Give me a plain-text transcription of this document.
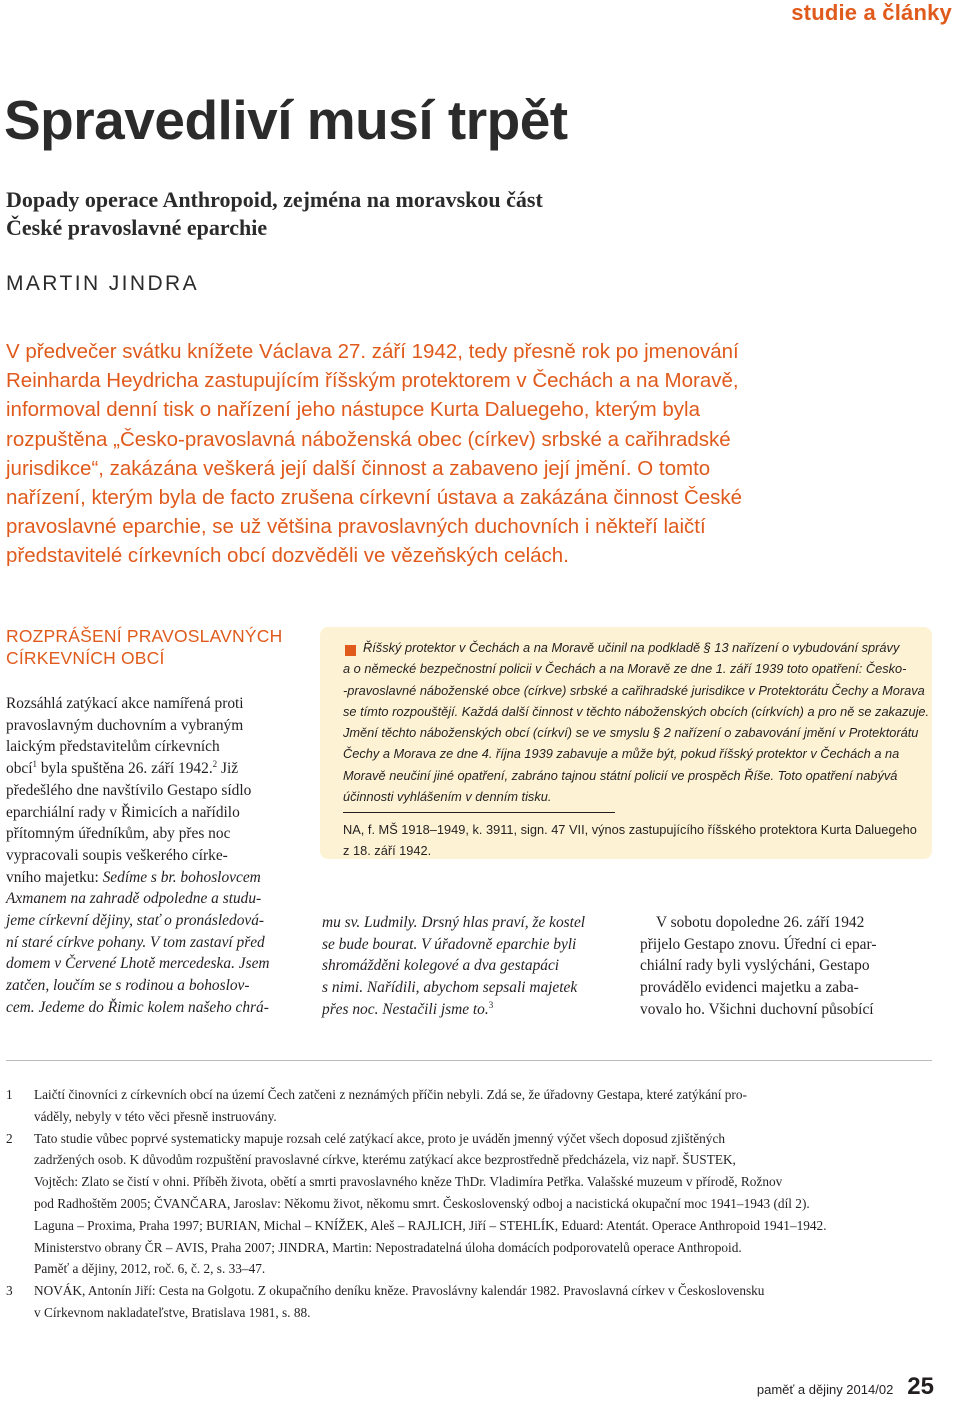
studie a články
Spravedliví musí trpět
Dopady operace Anthropoid, zejména na moravskou část
České pravoslavné eparchie
MARTIN JINDRA
V předvečer svátku knížete Václava 27. září 1942, tedy přesně rok po jmenování
Reinharda Heydricha zastupujícím říšským protektorem v Čechách a na Moravě,
informoval denní tisk o nařízení jeho nástupce Kurta Daluegeho, kterým byla
rozpuštěna „Česko-pravoslavná náboženská obec (církev) srbské a cařihradské
jurisdikce“, zakázána veškerá její další činnost a zabaveno její jmění. O tomto
nařízení, kterým byla de facto zrušena církevní ústava a zakázána činnost České
pravoslavné eparchie, se už většina pravoslavných duchovních i někteří laičtí
představitelé církevních obcí dozvěděli ve vězeňských celách.
ROZPRÁŠENÍ PRAVOSLAVNÝCH
CÍRKEVNÍCH OBCÍ
Rozsáhlá zatýkací akce namířená proti
pravoslavným duchovním a vybraným
laickým představitelům církevních
obcí$^1$ byla spuštěna 26. září 1942.$^2$ Již
předešlého dne navštívilo Gestapo sídlo
eparchiální rady v Řimicích a nařídilo
přítomným úředníkům, aby přes noc
vypracovali soupis veškerého círke-
vního majetku: Sedíme s br. bohoslovcem
Axmanem na zahradě odpoledne a studu-
jeme církevní dějiny, stať o pronásledová-
ní staré církve pohany. V tom zastaví před
domem v Červené Lhotě mercedeska. Jsem
zatčen, loučím se s rodinou a bohoslov-
cem. Jedeme do Řimic kolem našeho chrá-
Říšský protektor v Čechách a na Moravě učinil na podkladě § 13 nařízení o vybudování správy
a o německé bezpečnostní policii v Čechách a na Moravě ze dne 1. září 1939 toto opatření: Česko-
-pravoslavné náboženské obce (církve) srbské a cařihradské jurisdikce v Protektorátu Čechy a Morava
se tímto rozpouštějí. Každá další činnost v těchto náboženských obcích (církvích) a pro ně se zakazuje.
Jmění těchto náboženských obcí (církví) se ve smyslu § 2 nařízení o zabavování jmění v Protektorátu
Čechy a Morava ze dne 4. října 1939 zabavuje a může být, pokud říšský protektor v Čechách a na
Moravě neučiní jiné opatření, zabráno tajnou státní policií ve prospěch Říše. Toto opatření nabývá
účinnosti vyhlášením v denním tisku.
NA, f. MŠ 1918–1949, k. 3911, sign. 47 VII, výnos zastupujícího říšského protektora Kurta Daluegeho
z 18. září 1942.
mu sv. Ludmily. Drsný hlas praví, že kostel
se bude bourat. V úřadovně eparchie byli
shromážděni kolegové a dva gestapáci
s nimi. Nařídili, abychom sepsali majetek
přes noc. Nestačili jsme to.$^3$
V sobotu dopoledne 26. září 1942
přijelo Gestapo znovu. Úřední ci epar-
chiální rady byli vyslýcháni, Gestapo
provádělo evidenci majetku a zaba-
vovalo ho. Všichni duchovní působící
1 Laičtí činovníci z církevních obcí na území Čech zatčeni z neznámých příčin nebyli. Zdá se, že úřadovny Gestapa, které zatýkání pro-
váděly, nebyly v této věci přesně instruovány.
2 Tato studie vůbec poprvé systematicky mapuje rozsah celé zatýkací akce, proto je uváděn jmenný výčet všech doposud zjištěných
zadržených osob. K důvodům rozpuštění pravoslavné církve, kterému zatýkací akce bezprostředně předcházela, viz např. ŠUSTEK,
Vojtěch: Zlato se čistí v ohni. Příběh života, obětí a smrti pravoslavného kněze ThDr. Vladimíra Petřka. Valašské muzeum v přírodě, Rožnov
pod Radhoštěm 2005; ČVANČARA, Jaroslav: Někomu život, někomu smrt. Československý odboj a nacistická okupační moc 1941–1943 (díl 2).
Laguna – Proxima, Praha 1997; BURIAN, Michal – KNÍŽEK, Aleš – RAJLICH, Jiří – STEHLÍK, Eduard: Atentát. Operace Anthropoid 1941–1942.
Ministerstvo obrany ČR – AVIS, Praha 2007; JINDRA, Martin: Nepostradatelná úloha domácích podporovatelů operace Anthropoid.
Paměť a dějiny, 2012, roč. 6, č. 2, s. 33–47.
3 NOVÁK, Antonín Jiří: Cesta na Golgotu. Z okupačního deníku kněze. Pravoslávny kalendár 1982. Pravoslavná církev v Československu
v Církevnom nakladateľstve, Bratislava 1981, s. 88.
paměť a dějiny 2014/02 25
